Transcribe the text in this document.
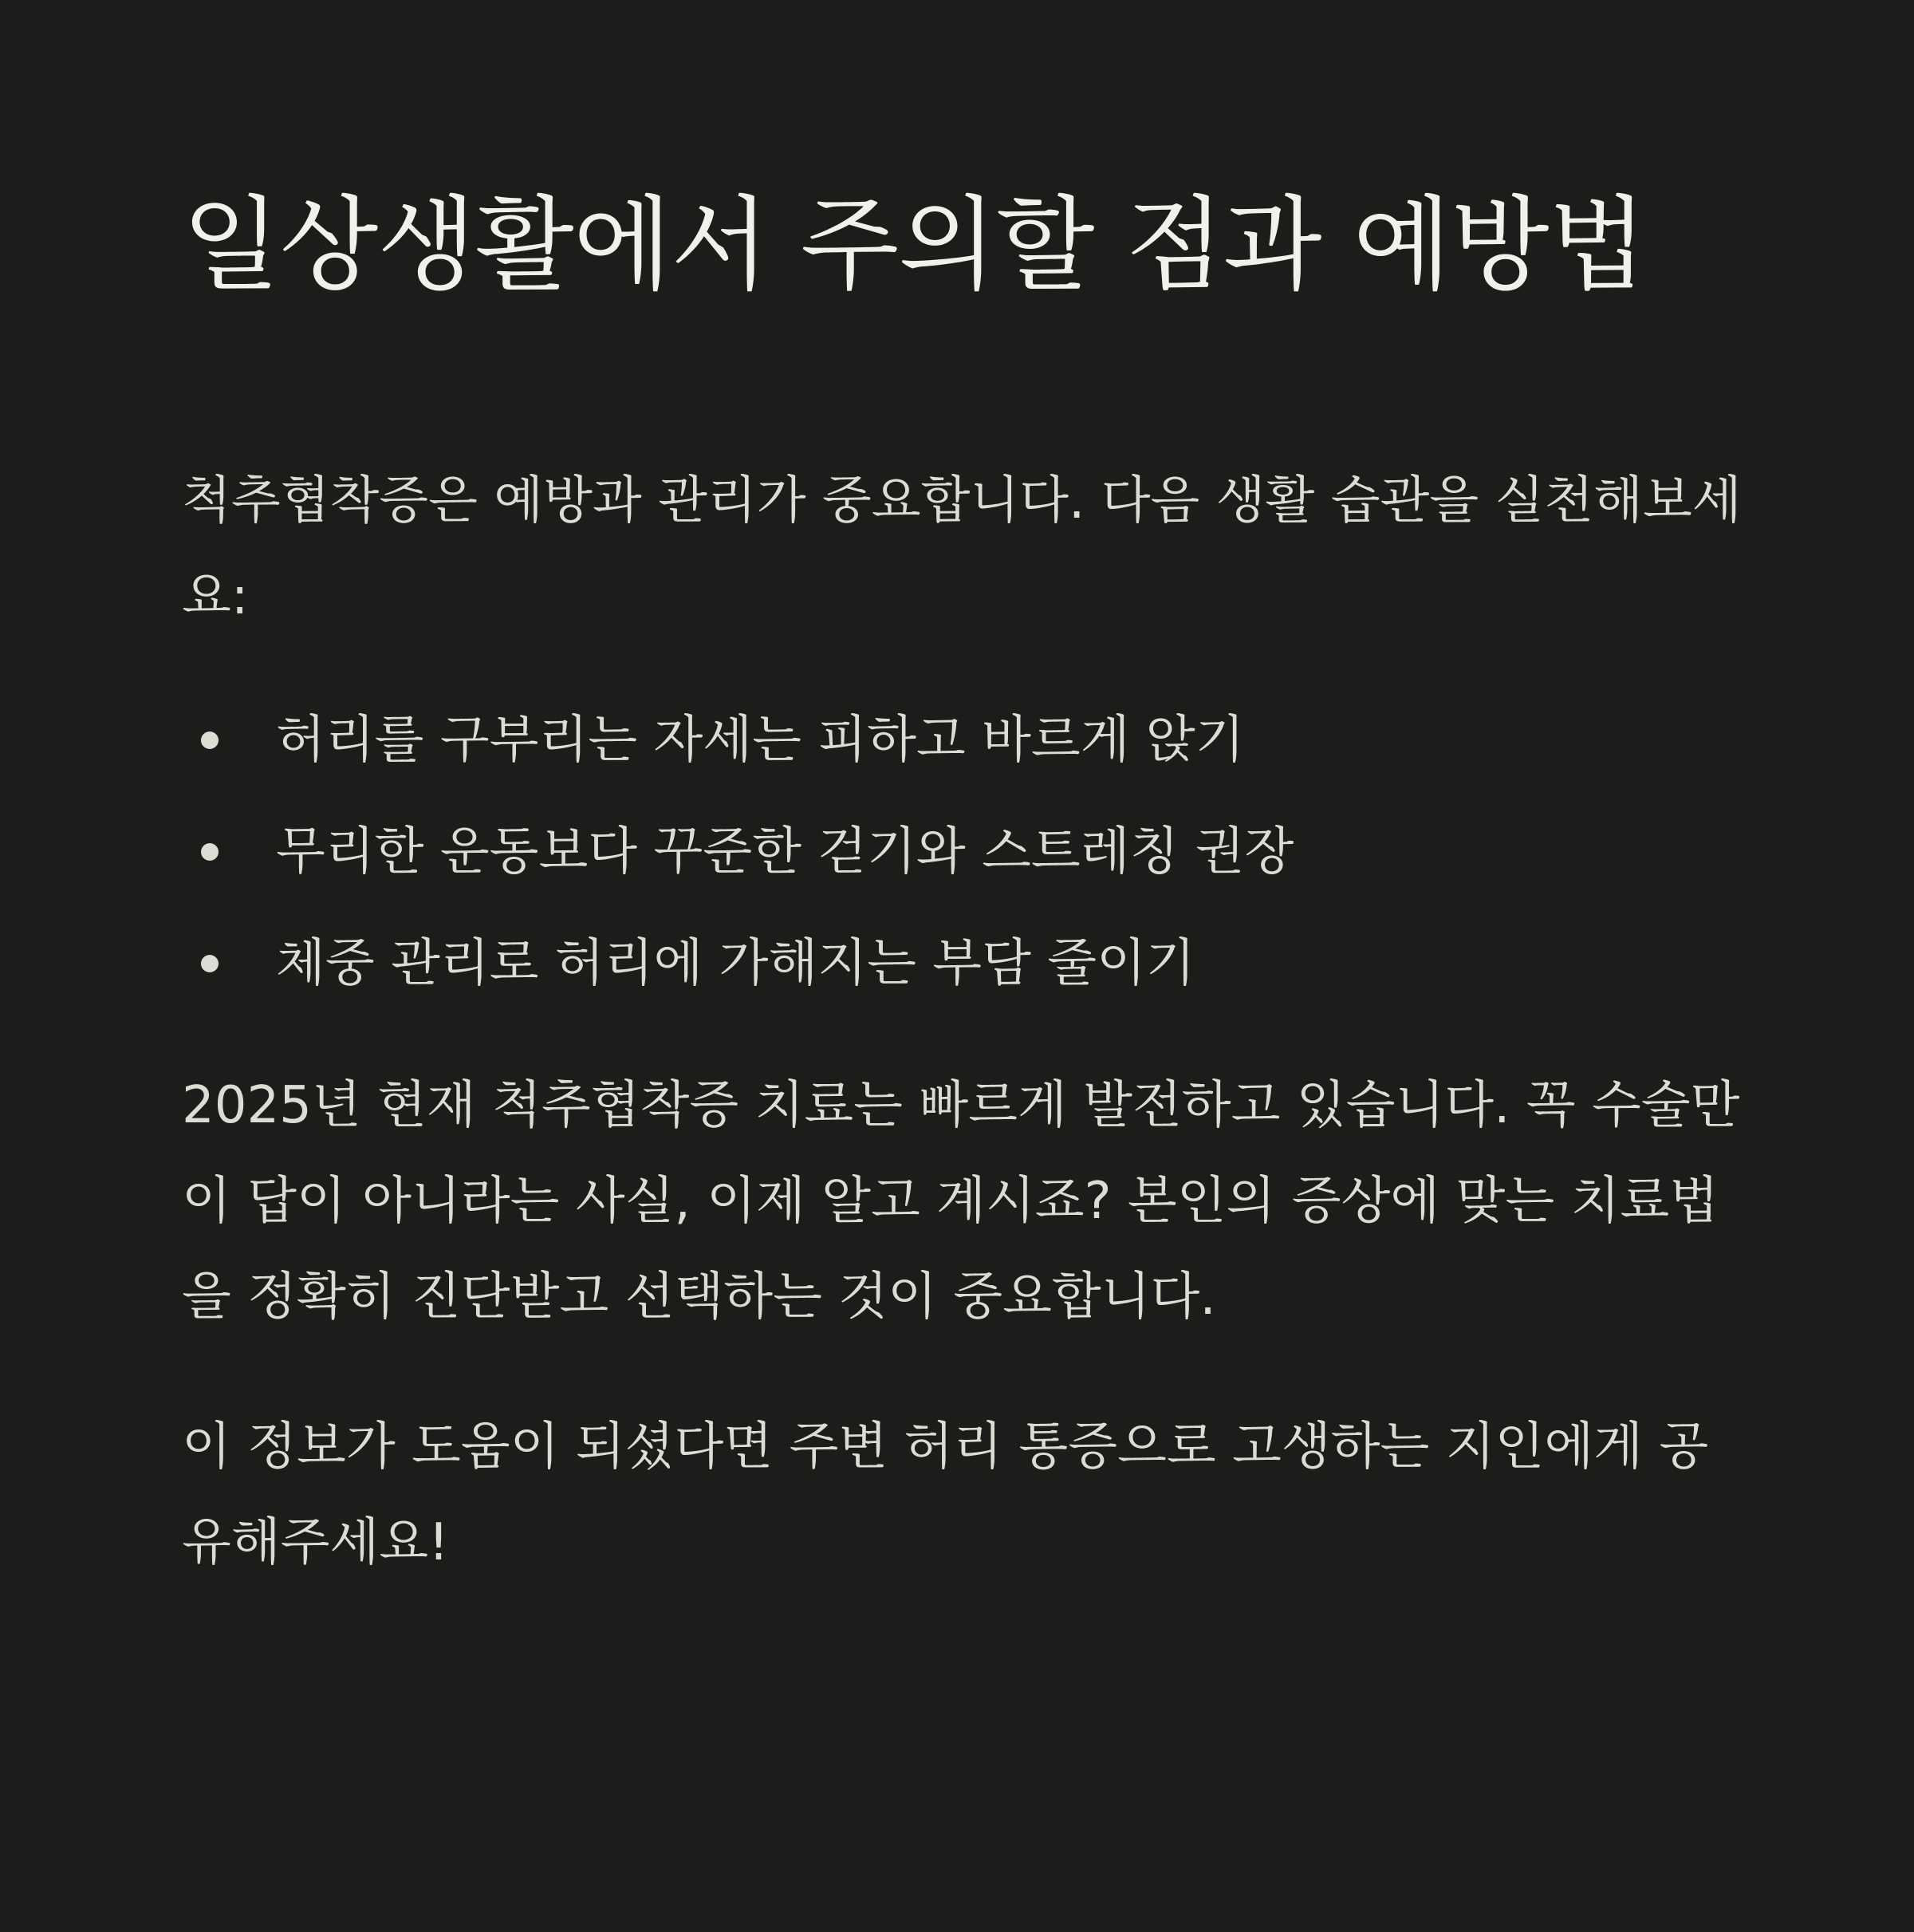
일상생활에서 주의할 점과 예방법

척추협착증은 예방과 관리가 중요합니다. 다음 생활 습관을 실천해보세요:

허리를 구부리는 자세는 피하고 바르게 앉기
무리한 운동보다 꾸준한 걷기와 스트레칭 권장
체중 관리로 허리에 가해지는 부담 줄이기

2025년 현재 척추협착증 치료는 빠르게 발전하고 있습니다. 꼭 수술만이 답이 아니라는 사실, 이제 알고 계시죠? 본인의 증상에 맞는 치료법을 정확히 진단받고 선택하는 것이 중요합니다.

이 정보가 도움이 되셨다면 주변 허리 통증으로 고생하는 지인에게 공유해주세요!
